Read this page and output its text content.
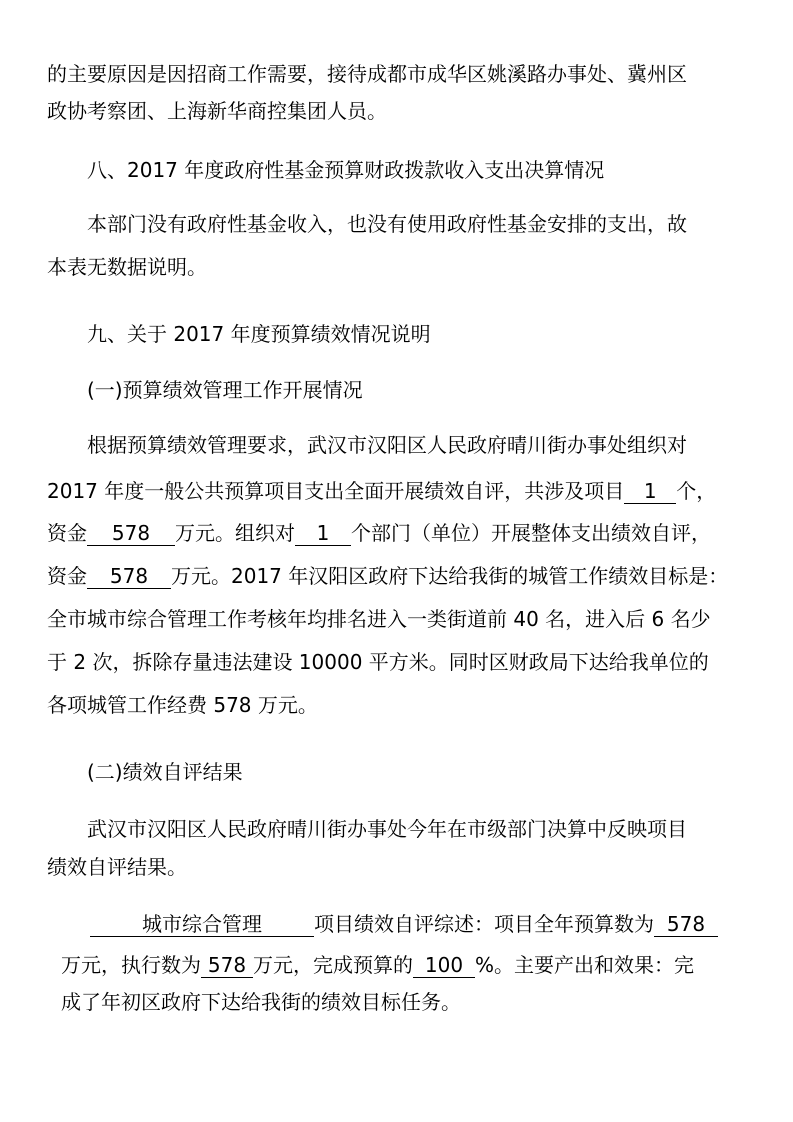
的主要原因是因招商工作需要，接待成都市成华区姚溪路办事处、冀州区
政协考察团、上海新华商控集团人员。
八、2017 年度政府性基金预算财政拨款收入支出决算情况
本部门没有政府性基金收入，也没有使用政府性基金安排的支出，故
本表无数据说明。
九、关于 2017 年度预算绩效情况说明
(一)预算绩效管理工作开展情况
根据预算绩效管理要求，武汉市汉阳区人民政府晴川街办事处组织对
2017 年度一般公共预算项目支出全面开展绩效自评，共涉及项目 1 个，
资金 578 万元。组织对 1 个部门（单位）开展整体支出绩效自评，
资金 578 万元。2017 年汉阳区政府下达给我街的城管工作绩效目标是：
全市城市综合管理工作考核年均排名进入一类街道前 40 名，进入后 6 名少
于 2 次，拆除存量违法建设 10000 平方米。同时区财政局下达给我单位的
各项城管工作经费 578 万元。
(二)绩效自评结果
武汉市汉阳区人民政府晴川街办事处今年在市级部门决算中反映项目
绩效自评结果。
城市综合管理	项目绩效自评综述：项目全年预算数为 578
万元，执行数为 578 万元，完成预算的 100 %。主要产出和效果：完
成了年初区政府下达给我街的绩效目标任务。
